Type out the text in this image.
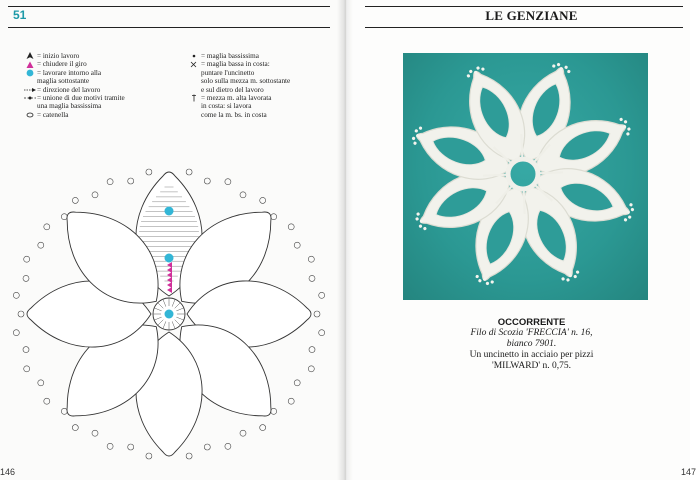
51
= inizio lavoro
= chiudere il giro
= lavorare intorno alla
maglia sottostante
= direzione del lavoro
= unione di due motivi tramite
una maglia bassissima
= catenella
= maglia bassissima
= maglia bassa in costa:
puntare l'uncinetto
solo sulla mezza m. sottostante
e sul dietro del lavoro
= mezza m. alta lavorata
in costa: si lavora
come la m. bs. in costa
146
LE GENZIANE
OCCORRENTE
Filo di Scozia 'FRECCIA' n. 16,
bianco 7901.
Un uncinetto in acciaio per pizzi
'MILWARD' n. 0,75.
147
